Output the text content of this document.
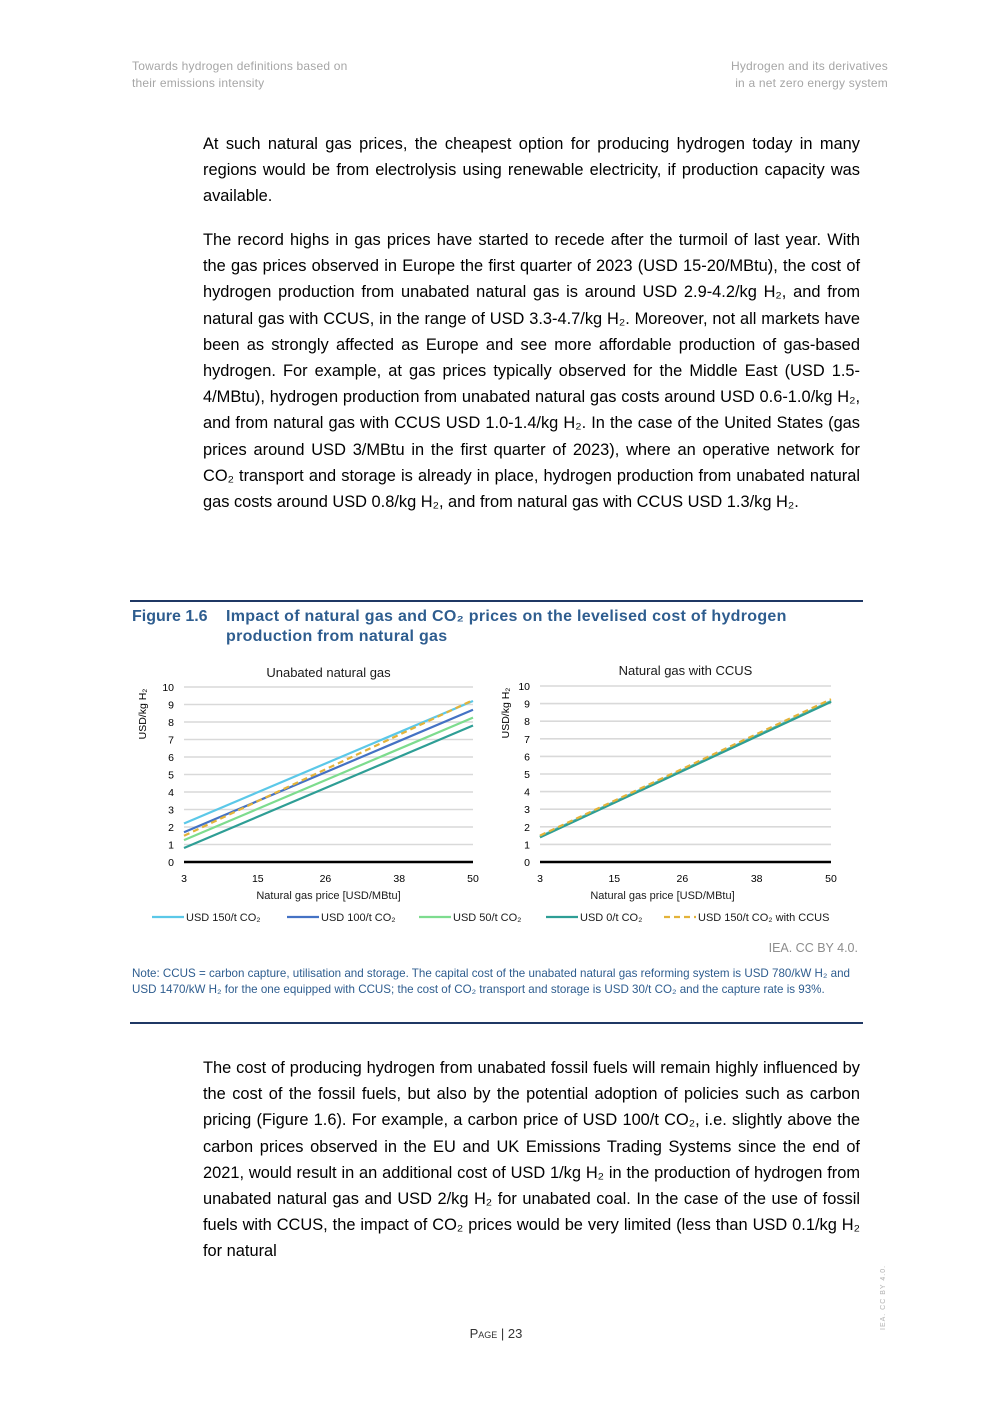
Towards hydrogen definitions based on
their emissions intensity
Hydrogen and its derivatives
in a net zero energy system

At such natural gas prices, the cheapest option for producing hydrogen today in many regions would be from electrolysis using renewable electricity, if production capacity was available.

The record highs in gas prices have started to recede after the turmoil of last year. With the gas prices observed in Europe the first quarter of 2023 (USD 15-20/MBtu), the cost of hydrogen production from unabated natural gas is around USD 2.9-4.2/kg H₂, and from natural gas with CCUS, in the range of USD 3.3-4.7/kg H₂. Moreover, not all markets have been as strongly affected as Europe and see more affordable production of gas-based hydrogen. For example, at gas prices typically observed for the Middle East (USD 1.5-4/MBtu), hydrogen production from unabated natural gas costs around USD 0.6-1.0/kg H₂, and from natural gas with CCUS USD 1.0-1.4/kg H₂. In the case of the United States (gas prices around USD 3/MBtu in the first quarter of 2023), where an operative network for CO₂ transport and storage is already in place, hydrogen production from unabated natural gas costs around USD 0.8/kg H₂, and from natural gas with CCUS USD 1.3/kg H₂.

Figure 1.6 Impact of natural gas and CO₂ prices on the levelised cost of hydrogen production from natural gas
0
1
2
3
4
5
6
7
8
9
10
3	15	26	38	50
Unabated natural gas
Natural gas price [USD/MBtu]
USD/kg H₂
0
1
2
3
4
5
6
7
8
9
10
3	15	26	38	50
Natural gas with CCUS
Natural gas price [USD/MBtu]
USD/kg H₂
USD 150/t CO₂	USD 100/t CO₂	USD 50/t CO₂	USD 0/t CO₂	USD 150/t CO₂ with CCUS
IEA. CC BY 4.0.
Note: CCUS = carbon capture, utilisation and storage. The capital cost of the unabated natural gas reforming system is USD 780/kW H₂ and USD 1470/kW H₂ for the one equipped with CCUS; the cost of CO₂ transport and storage is USD 30/t CO₂ and the capture rate is 93%.

The cost of producing hydrogen from unabated fossil fuels will remain highly influenced by the cost of the fossil fuels, but also by the potential adoption of policies such as carbon pricing (Figure 1.6). For example, a carbon price of USD 100/t CO₂, i.e. slightly above the carbon prices observed in the EU and UK Emissions Trading Systems since the end of 2021, would result in an additional cost of USD 1/kg H₂ in the production of hydrogen from unabated natural gas and USD 2/kg H₂ for unabated coal. In the case of the use of fossil fuels with CCUS, the impact of CO₂ prices would be very limited (less than USD 0.1/kg H₂ for natural

Page | 23
IEA. CC BY 4.0.
